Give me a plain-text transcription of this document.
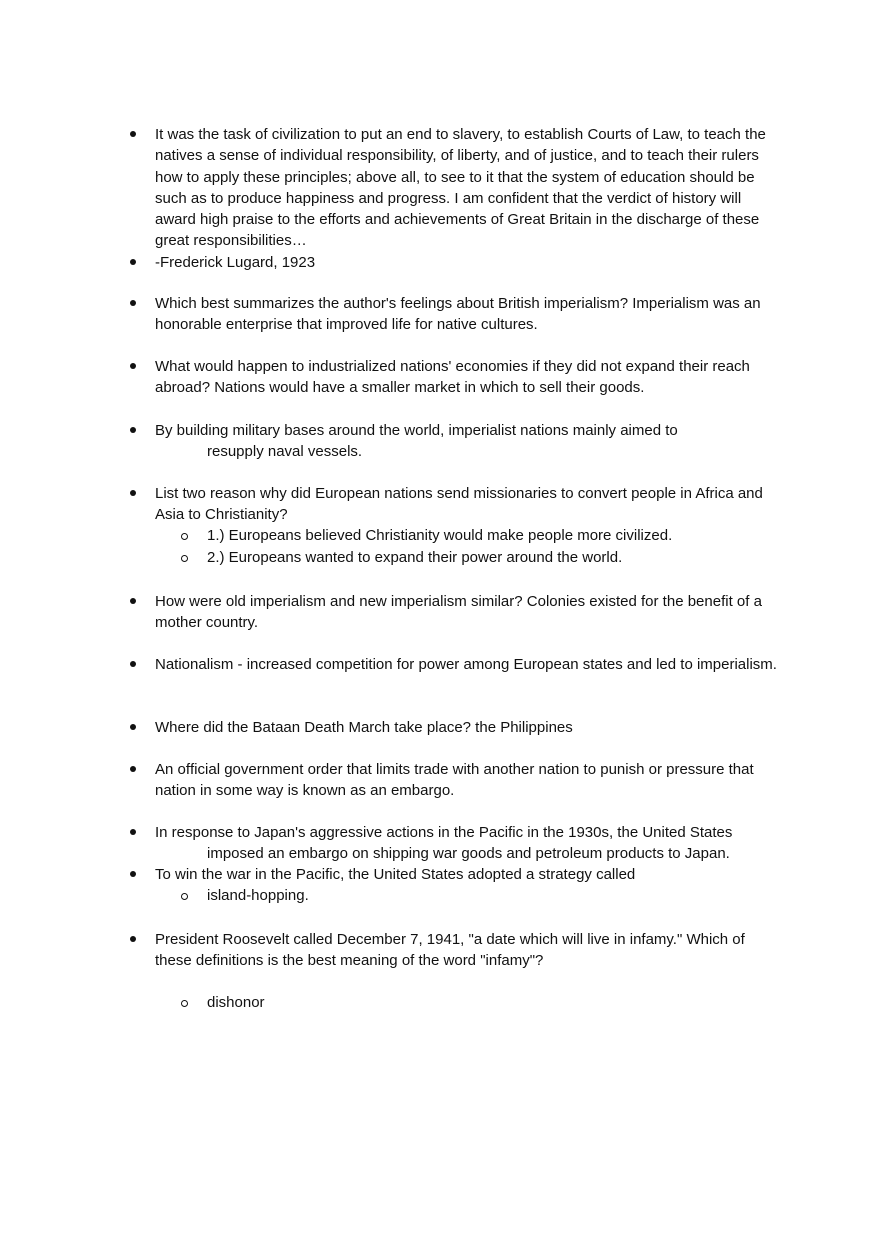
It was the task of civilization to put an end to slavery, to establish Courts of Law, to teach the natives a sense of individual responsibility, of liberty, and of justice, and to teach their rulers how to apply these principles; above all, to see to it that the system of education should be such as to produce happiness and progress. I am confident that the verdict of history will award high praise to the efforts and achievements of Great Britain in the discharge of these great responsibilities…

-Frederick Lugard, 1923

Which best summarizes the author's feelings about British imperialism? Imperialism was an honorable enterprise that improved life for native cultures.

What would happen to industrialized nations' economies if they did not expand their reach abroad? Nations would have a smaller market in which to sell their goods.

By building military bases around the world, imperialist nations mainly aimed to

resupply naval vessels.

List two reason why did European nations send missionaries to convert people in Africa and Asia to Christianity?

1.) Europeans believed Christianity would make people more civilized.

2.) Europeans wanted to expand their power around the world.

How were old imperialism and new imperialism similar? Colonies existed for the benefit of a mother country.

Nationalism - increased competition for power among European states and led to imperialism.

Where did the Bataan Death March take place? the Philippines

An ofﬁcial government order that limits trade with another nation to punish or pressure that nation in some way is known as an embargo.

In response to Japan's aggressive actions in the Pacific in the 1930s, the United States

imposed an embargo on shipping war goods and petroleum products to Japan.

To win the war in the Pacific, the United States adopted a strategy called

island-hopping.

President Roosevelt called December 7, 1941, "a date which will live in infamy." Which of these definitions is the best meaning of the word "infamy"?

dishonor
